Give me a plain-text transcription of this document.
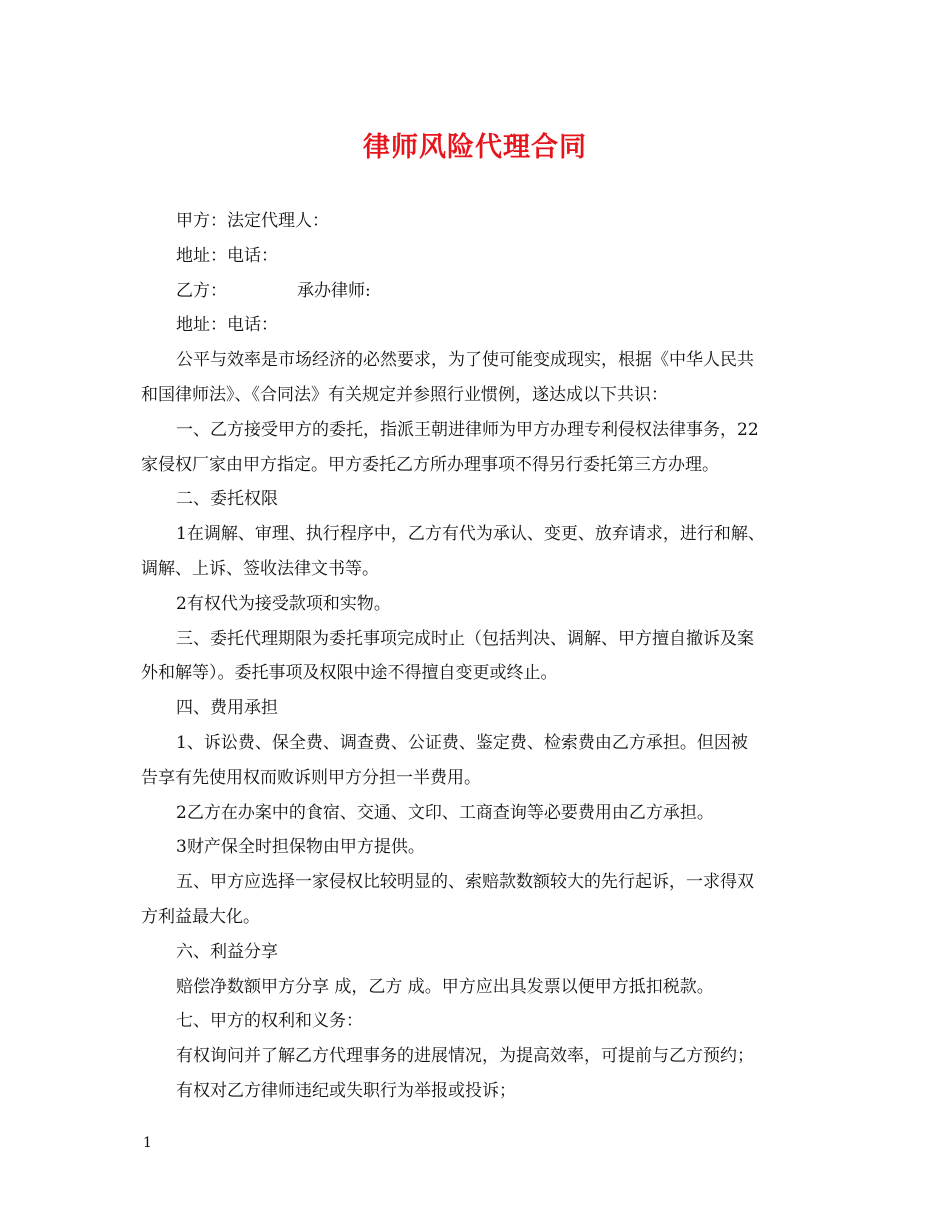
律师风险代理合同
甲方：法定代理人：
地址：电话：
乙方：	承办律师:
地址：电话：
公平与效率是市场经济的必然要求，为了使可能变成现实，根据《中华人民共
和国律师法》、《合同法》有关规定并参照行业惯例，遂达成以下共识：
一、乙方接受甲方的委托，指派王朝进律师为甲方办理专利侵权法律事务，22
家侵权厂家由甲方指定。甲方委托乙方所办理事项不得另行委托第三方办理。
二、委托权限
1在调解、审理、执行程序中，乙方有代为承认、变更、放弃请求，进行和解、
调解、上诉、签收法律文书等。
2有权代为接受款项和实物。
三、委托代理期限为委托事项完成时止（包括判决、调解、甲方擅自撤诉及案
外和解等）。委托事项及权限中途不得擅自变更或终止。
四、费用承担
1、诉讼费、保全费、调查费、公证费、鉴定费、检索费由乙方承担。但因被
告享有先使用权而败诉则甲方分担一半费用。
2乙方在办案中的食宿、交通、文印、工商查询等必要费用由乙方承担。
3财产保全时担保物由甲方提供。
五、甲方应选择一家侵权比较明显的、索赔款数额较大的先行起诉，一求得双
方利益最大化。
六、利益分享
赔偿净数额甲方分享 成，乙方 成。甲方应出具发票以便甲方抵扣税款。
七、甲方的权利和义务：
有权询问并了解乙方代理事务的进展情况，为提高效率，可提前与乙方预约；
有权对乙方律师违纪或失职行为举报或投诉；
1
